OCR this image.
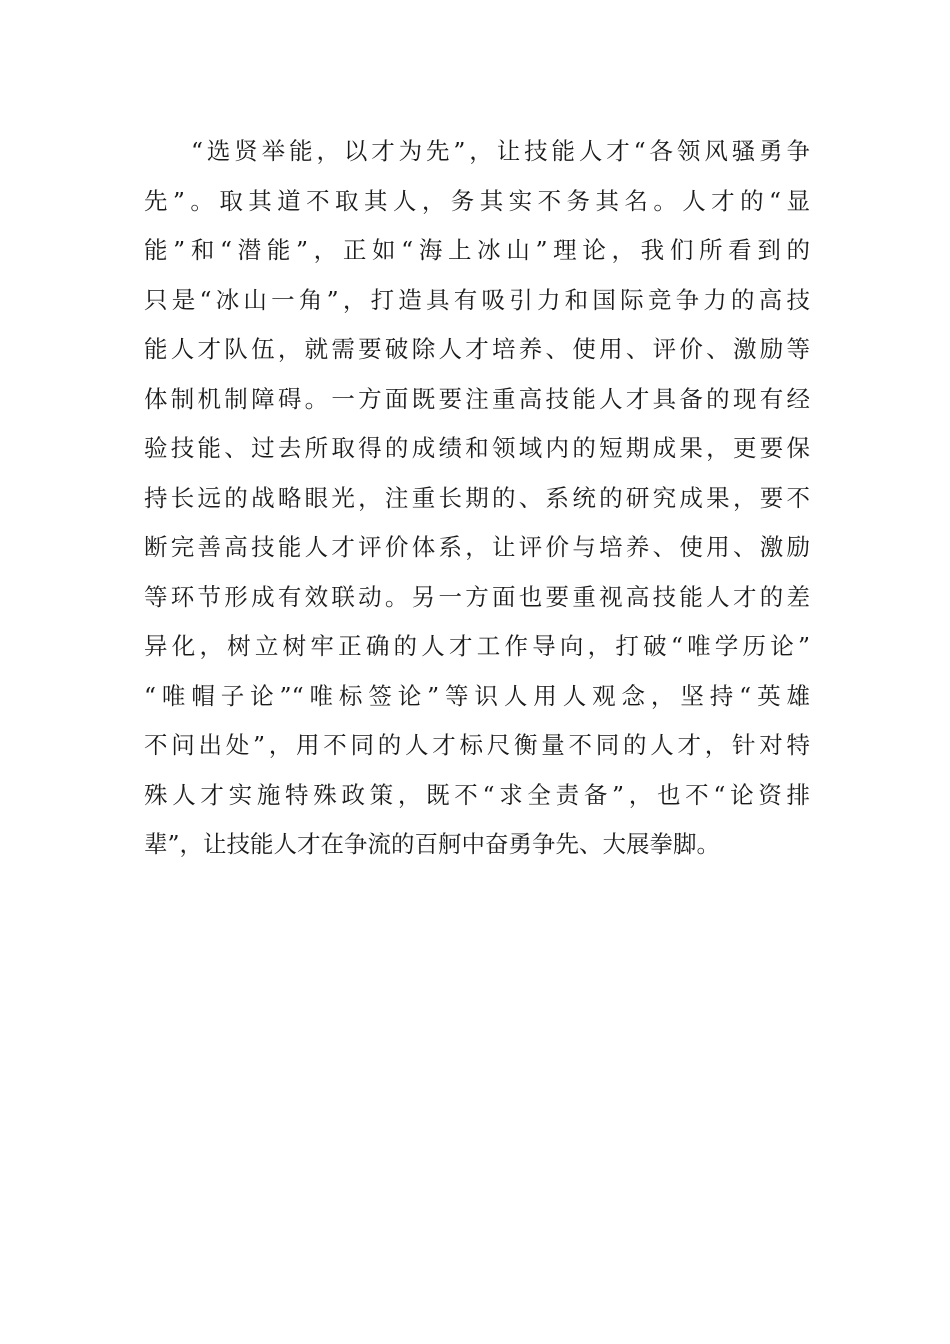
“选贤举能，以才为先”，让技能人才“各领风骚勇争
先”。取其道不取其人，务其实不务其名。人才的“显
能”和“潜能”，正如“海上冰山”理论，我们所看到的
只是“冰山一角”，打造具有吸引力和国际竞争力的高技
能人才队伍，就需要破除人才培养、使用、评价、激励等
体制机制障碍。一方面既要注重高技能人才具备的现有经
验技能、过去所取得的成绩和领域内的短期成果，更要保
持长远的战略眼光，注重长期的、系统的研究成果，要不
断完善高技能人才评价体系，让评价与培养、使用、激励
等环节形成有效联动。另一方面也要重视高技能人才的差
异化，树立树牢正确的人才工作导向，打破“唯学历论”
“唯帽子论”“唯标签论”等识人用人观念，坚持“英雄
不问出处”，用不同的人才标尺衡量不同的人才，针对特
殊人才实施特殊政策，既不“求全责备”，也不“论资排
辈”，让技能人才在争流的百舸中奋勇争先、大展拳脚。
